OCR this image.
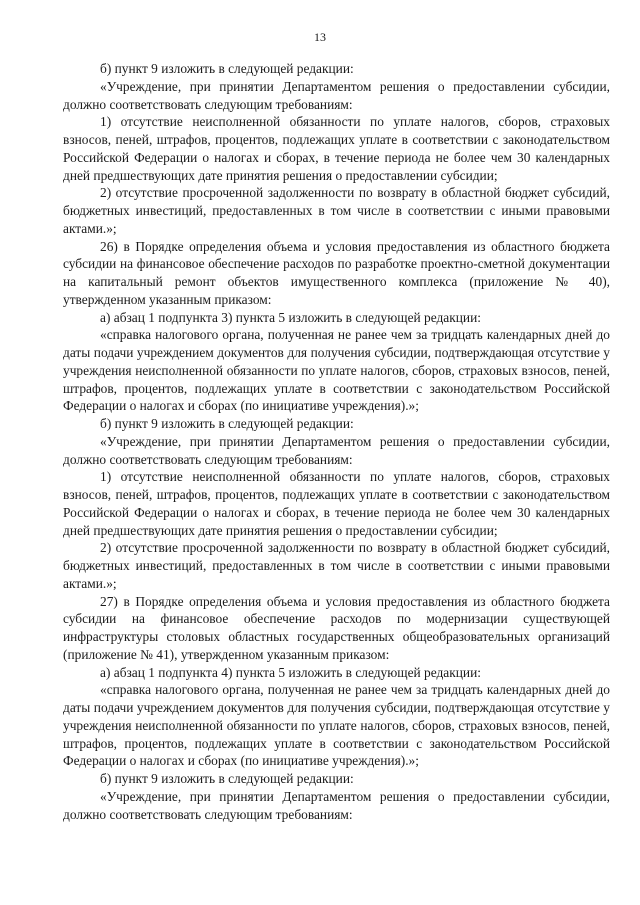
13

б) пункт 9 изложить в следующей редакции:

«Учреждение, при принятии Департаментом решения о предоставлении субсидии, должно соответствовать следующим требованиям:

1) отсутствие неисполненной обязанности по уплате налогов, сборов, страховых взносов, пеней, штрафов, процентов, подлежащих уплате в соответствии с законодательством Российской Федерации о налогах и сборах, в течение периода не более чем 30 календарных дней предшествующих дате принятия решения о предоставлении субсидии;

2) отсутствие просроченной задолженности по возврату в областной бюджет субсидий, бюджетных инвестиций, предоставленных в том числе в соответствии с иными правовыми актами.»;

26) в Порядке определения объема и условия предоставления из областного бюджета субсидии на финансовое обеспечение расходов по разработке проектно-сметной документации на капитальный ремонт объектов имущественного комплекса (приложение № 40), утвержденном указанным приказом:

а) абзац 1 подпункта 3) пункта 5 изложить в следующей редакции:

«справка налогового органа, полученная не ранее чем за тридцать календарных дней до даты подачи учреждением документов для получения субсидии, подтверждающая отсутствие у учреждения неисполненной обязанности по уплате налогов, сборов, страховых взносов, пеней, штрафов, процентов, подлежащих уплате в соответствии с законодательством Российской Федерации о налогах и сборах (по инициативе учреждения).»;

б) пункт 9 изложить в следующей редакции:

«Учреждение, при принятии Департаментом решения о предоставлении субсидии, должно соответствовать следующим требованиям:

1) отсутствие неисполненной обязанности по уплате налогов, сборов, страховых взносов, пеней, штрафов, процентов, подлежащих уплате в соответствии с законодательством Российской Федерации о налогах и сборах, в течение периода не более чем 30 календарных дней предшествующих дате принятия решения о предоставлении субсидии;

2) отсутствие просроченной задолженности по возврату в областной бюджет субсидий, бюджетных инвестиций, предоставленных в том числе в соответствии с иными правовыми актами.»;

27) в Порядке определения объема и условия предоставления из областного бюджета субсидии на финансовое обеспечение расходов по модернизации существующей инфраструктуры столовых областных государственных общеобразовательных организаций (приложение № 41), утвержденном указанным приказом:

а) абзац 1 подпункта 4) пункта 5 изложить в следующей редакции:

«справка налогового органа, полученная не ранее чем за тридцать календарных дней до даты подачи учреждением документов для получения субсидии, подтверждающая отсутствие у учреждения неисполненной обязанности по уплате налогов, сборов, страховых взносов, пеней, штрафов, процентов, подлежащих уплате в соответствии с законодательством Российской Федерации о налогах и сборах (по инициативе учреждения).»;

б) пункт 9 изложить в следующей редакции:

«Учреждение, при принятии Департаментом решения о предоставлении субсидии, должно соответствовать следующим требованиям:
